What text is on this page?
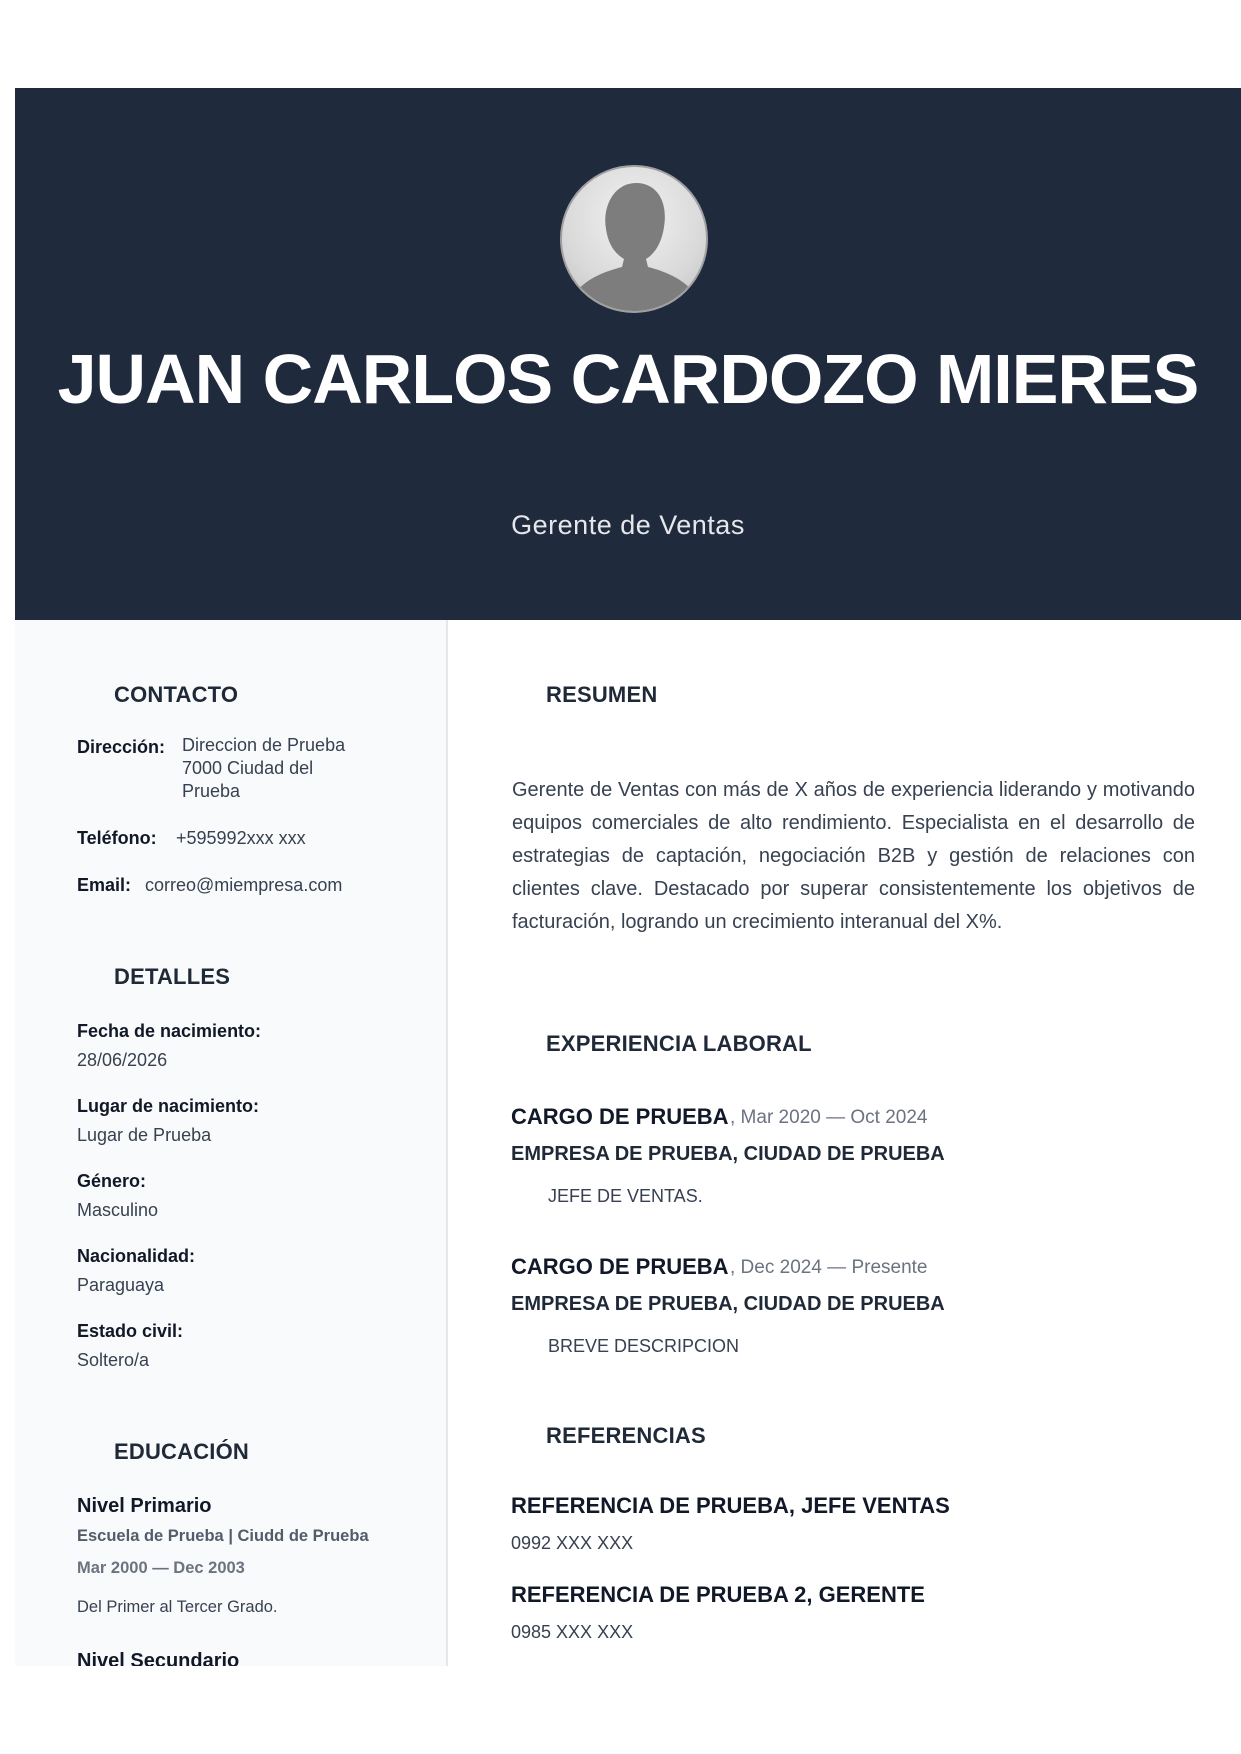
JUAN CARLOS CARDOZO MIERES
Gerente de Ventas
CONTACTO
Dirección: Direccion de Prueba
7000 Ciudad del
Prueba
Teléfono: +595992xxx xxx
Email: correo@miempresa.com
DETALLES
Fecha de nacimiento:
28/06/2026
Lugar de nacimiento:
Lugar de Prueba
Género:
Masculino
Nacionalidad:
Paraguaya
Estado civil:
Soltero/a
EDUCACIÓN
Nivel Primario
Escuela de Prueba | Ciudd de Prueba
Mar 2000 — Dec 2003
Del Primer al Tercer Grado.
Nivel Secundario
RESUMEN
Gerente de Ventas con más de X años de experiencia liderando y motivando equipos comerciales de alto rendimiento. Especialista en el desarrollo de estrategias de captación, negociación B2B y gestión de relaciones con clientes clave. Destacado por superar consistentemente los objetivos de facturación, logrando un crecimiento interanual del X%.
EXPERIENCIA LABORAL
CARGO DE PRUEBA , Mar 2020 — Oct 2024
EMPRESA DE PRUEBA, CIUDAD DE PRUEBA
JEFE DE VENTAS.
CARGO DE PRUEBA , Dec 2024 — Presente
EMPRESA DE PRUEBA, CIUDAD DE PRUEBA
BREVE DESCRIPCION
REFERENCIAS
REFERENCIA DE PRUEBA, JEFE VENTAS
0992 XXX XXX
REFERENCIA DE PRUEBA 2, GERENTE
0985 XXX XXX
